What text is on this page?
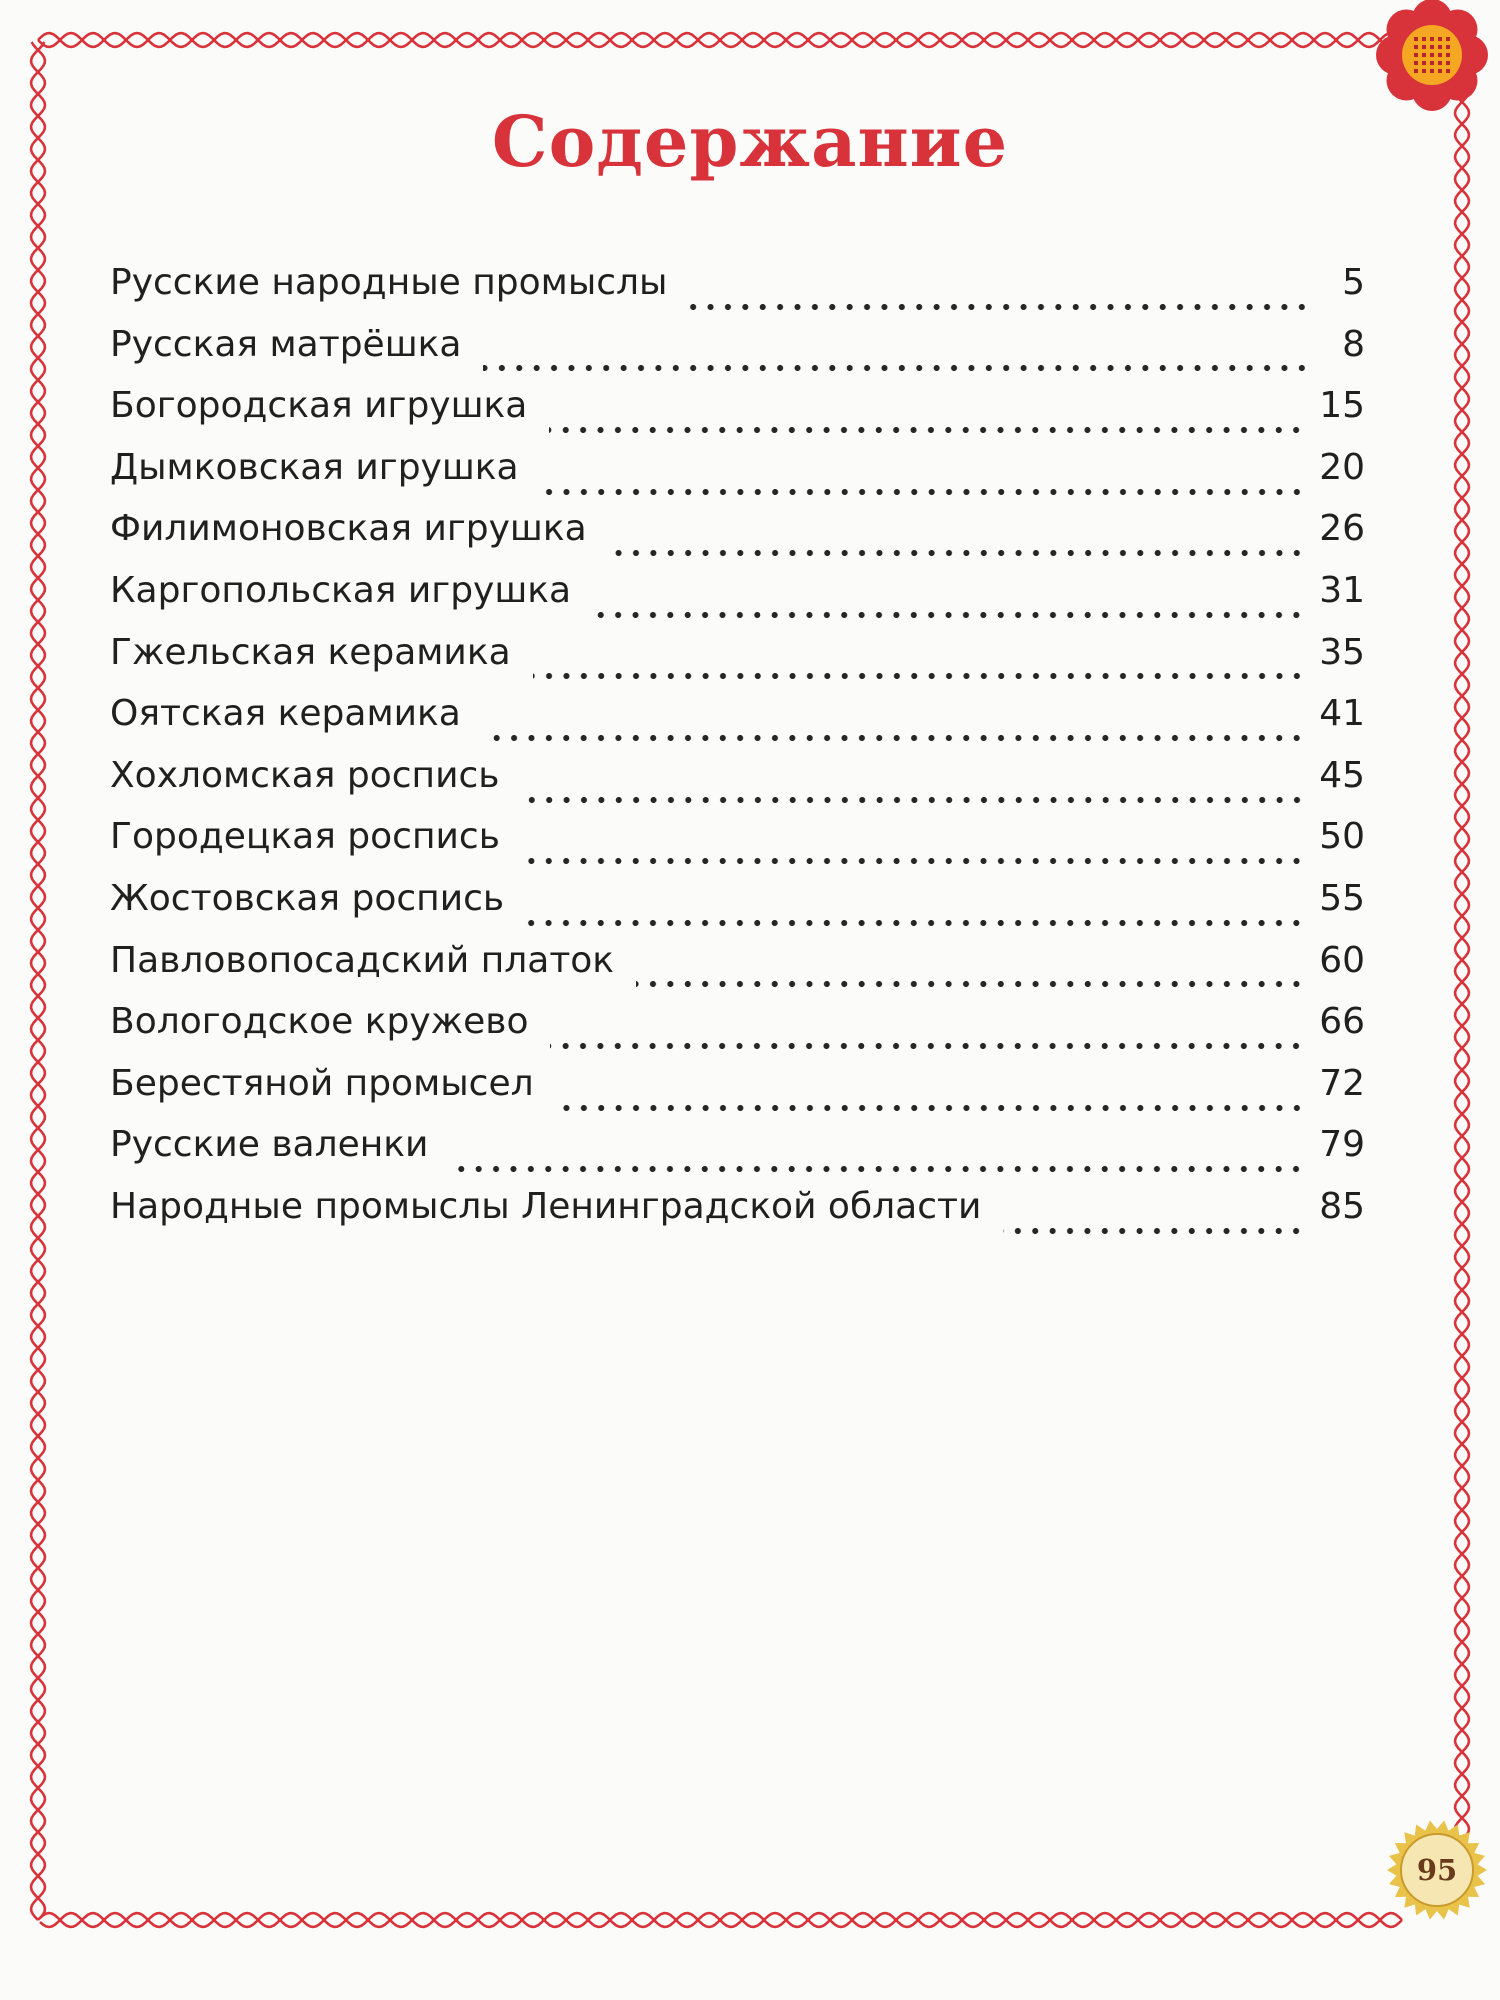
Содержание
Русские народные промыслы	5
Русская матрёшка	8
Богородская игрушка	15
Дымковская игрушка	20
Филимоновская игрушка	26
Каргопольская игрушка	31
Гжельская керамика	35
Оятская керамика	41
Хохломская роспись	45
Городецкая роспись	50
Жостовская роспись	55
Павловопосадский платок	60
Вологодское кружево	66
Берестяной промысел	72
Русские валенки	79
Народные промыслы Ленинградской области	85
95
